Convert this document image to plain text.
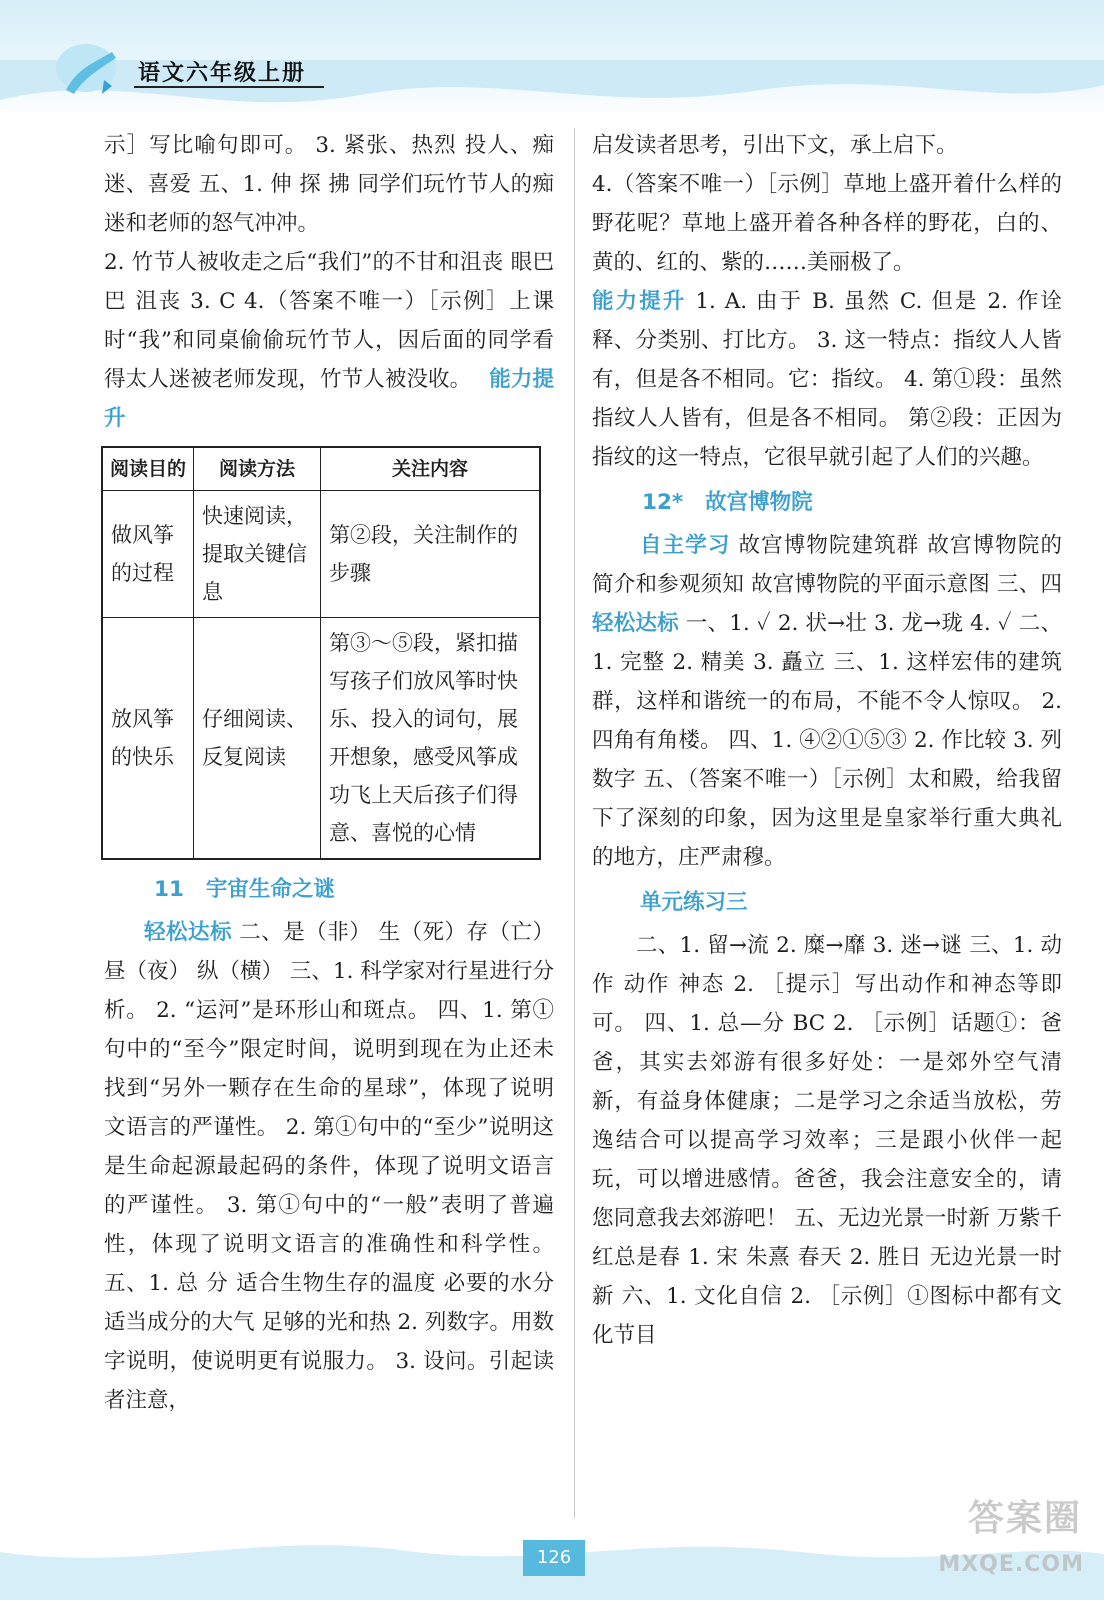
语文六年级上册

示］写比喻句即可。 3. 紧张、热烈 投人、痴迷、喜爱 五、1. 伸 探 拂 同学们玩竹节人的痴迷和老师的怒气冲冲。

2. 竹节人被收走之后“我们”的不甘和沮丧 眼巴巴 沮丧 3. C 4.（答案不唯一）［示例］上课时“我”和同桌偷偷玩竹节人，因后面的同学看得太人迷被老师发现，竹节人被没收。 能力提升

阅读目的	阅读方法	关注内容
做风筝的过程	快速阅读，提取关键信息	第②段，关注制作的步骤
放风筝的快乐	仔细阅读、反复阅读	第③～⑤段，紧扣描写孩子们放风筝时快乐、投入的词句，展开想象，感受风筝成功飞上天后孩子们得意、喜悦的心情
11 宇宙生命之谜

轻松达标 二、是（非） 生（死）存（亡） 昼（夜） 纵（横） 三、1. 科学家对行星进行分析。 2. “运河”是环形山和斑点。 四、1. 第①句中的“至今”限定时间，说明到现在为止还未找到“另外一颗存在生命的星球”，体现了说明文语言的严谨性。 2. 第①句中的“至少”说明这是生命起源最起码的条件，体现了说明文语言的严谨性。 3. 第①句中的“一般”表明了普遍性，体现了说明文语言的准确性和科学性。 五、1. 总 分 适合生物生存的温度 必要的水分 适当成分的大气 足够的光和热 2. 列数字。用数字说明，使说明更有说服力。 3. 设问。引起读者注意，

启发读者思考，引出下文，承上启下。

4.（答案不唯一）［示例］草地上盛开着什么样的野花呢？草地上盛开着各种各样的野花，白的、黄的、红的、紫的……美丽极了。

能力提升 1. A. 由于 B. 虽然 C. 但是 2. 作诠释、分类别、打比方。 3. 这一特点：指纹人人皆有，但是各不相同。它：指纹。 4. 第①段：虽然指纹人人皆有，但是各不相同。 第②段：正因为指纹的这一特点，它很早就引起了人们的兴趣。

12* 故宫博物院

自主学习 故宫博物院建筑群 故宫博物院的简介和参观须知 故宫博物院的平面示意图 三、四 轻松达标 一、1. ✓ 2. 状→壮 3. 龙→珑 4. ✓ 二、1. 完整 2. 精美 3. 矗立 三、1. 这样宏伟的建筑群，这样和谐统一的布局，不能不令人惊叹。 2. 四角有角楼。 四、1. ④②①⑤③ 2. 作比较 3. 列数字 五、（答案不唯一）［示例］太和殿，给我留下了深刻的印象，因为这里是皇家举行重大典礼的地方，庄严肃穆。

单元练习三

二、1. 留→流 2. 糜→靡 3. 迷→谜 三、1. 动作 动作 神态 2. ［提示］写出动作和神态等即可。 四、1. 总—分 BC 2. ［示例］话题①：爸爸，其实去郊游有很多好处：一是郊外空气清新，有益身体健康；二是学习之余适当放松，劳逸结合可以提高学习效率；三是跟小伙伴一起玩，可以增进感情。爸爸，我会注意安全的，请您同意我去郊游吧！ 五、无边光景一时新 万紫千红总是春 1. 宋 朱熹 春天 2. 胜日 无边光景一时新 六、1. 文化自信 2. ［示例］①图标中都有文化节目

126
答案圈
MXQE.COM
